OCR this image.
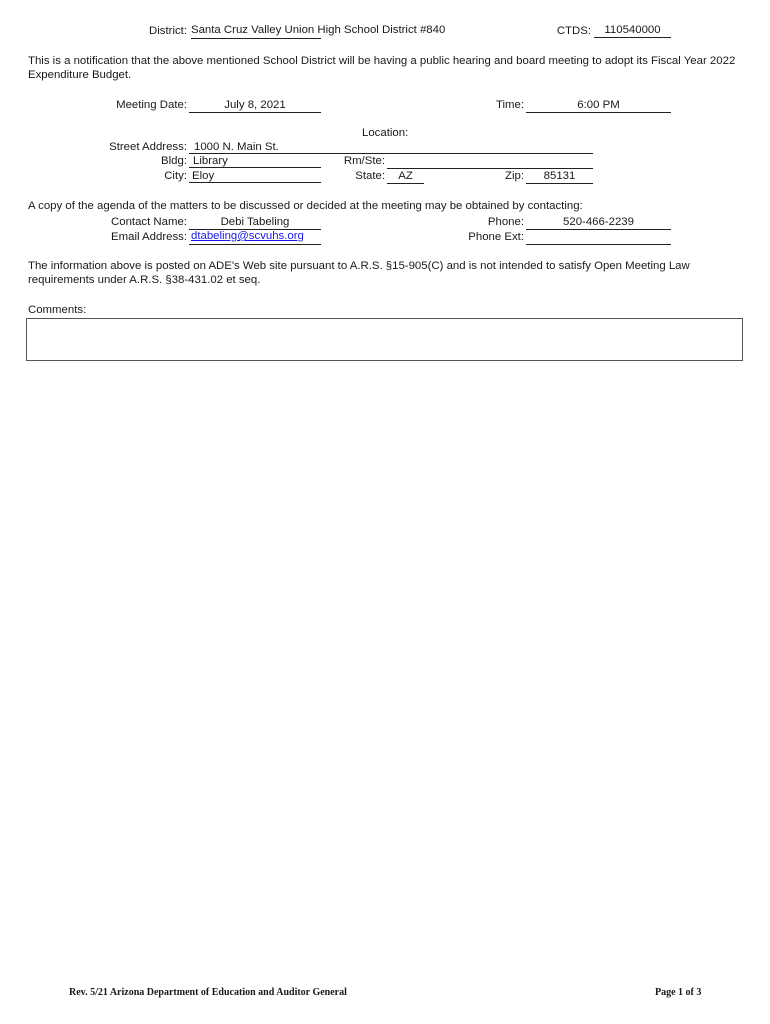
District: Santa Cruz Valley Union High School District #840	CTDS:	110540000
This is a notification that the above mentioned School District will be having a public hearing and board meeting to adopt its Fiscal Year 2022 Expenditure Budget.
Meeting Date:	July 8, 2021	Time:	6:00 PM
Location:
Street Address: 1000 N. Main St.
Bldg: Library	Rm/Ste:
City: Eloy	State:	AZ	Zip:	85131
A copy of the agenda of the matters to be discussed or decided at the meeting may be obtained by contacting:
Contact Name:	Debi Tabeling	Phone:	520-466-2239
Email Address: dtabeling@scvuhs.org	Phone Ext:
The information above is posted on ADE's Web site pursuant to A.R.S. §15-905(C) and is not intended to satisfy Open Meeting Law requirements under A.R.S. §38-431.02 et seq.
Comments:
Rev. 5/21 Arizona Department of Education and Auditor General	Page 1 of 3
